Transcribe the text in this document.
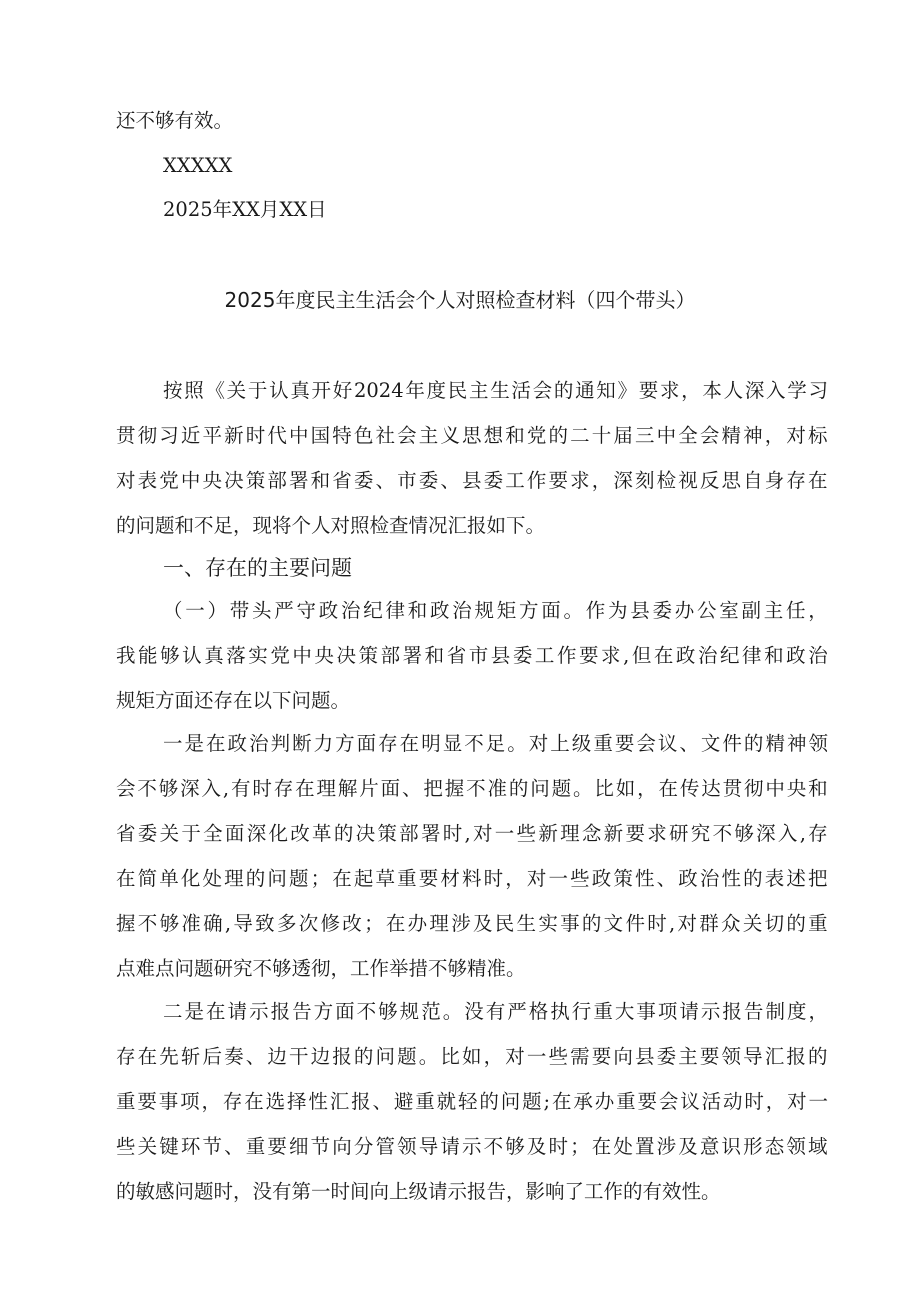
还不够有效。
XXXXX
2025年XX月XX日
2025年度民主生活会个人对照检查材料（四个带头）
按 照 《 关 于 认 真 开 好 2024 年 度 民 主 生 活 会 的 通 知 》 要 求 ， 本 人 深 入 学 习
贯 彻 习 近 平 新 时 代 中 国 特 色 社 会 主 义 思 想 和 党 的 二 十 届 三 中 全 会 精 神 ， 对 标
对 表 党 中 央 决 策 部 署 和 省 委 、 市 委 、 县 委 工 作 要 求 ， 深 刻 检 视 反 思 自 身 存 在
的问题和不足，现将个人对照检查情况汇报如下。
一、存在的主要问题
（ 一 ） 带 头 严 守 政 治 纪 律 和 政 治 规 矩 方 面 。 作 为 县 委 办 公 室 副 主 任 ，
我 能 够 认 真 落 实 党 中 央 决 策 部 署 和 省 市 县 委 工 作 要 求 , 但 在 政 治 纪 律 和 政 治
规矩方面还存在以下问题。
一 是 在 政 治 判 断 力 方 面 存 在 明 显 不 足 。 对 上 级 重 要 会 议 、 文 件 的 精 神 领
会 不 够 深 入 , 有 时 存 在 理 解 片 面 、 把 握 不 准 的 问 题 。 比 如 ， 在 传 达 贯 彻 中 央 和
省 委 关 于 全 面 深 化 改 革 的 决 策 部 署 时 , 对 一 些 新 理 念 新 要 求 研 究 不 够 深 入 , 存
在 简 单 化 处 理 的 问 题 ； 在 起 草 重 要 材 料 时 ， 对 一 些 政 策 性 、 政 治 性 的 表 述 把
握 不 够 准 确 , 导 致 多 次 修 改 ； 在 办 理 涉 及 民 生 实 事 的 文 件 时 , 对 群 众 关 切 的 重
点难点问题研究不够透彻，工作举措不够精准。
二 是 在 请 示 报 告 方 面 不 够 规 范 。 没 有 严 格 执 行 重 大 事 项 请 示 报 告 制 度 ，
存 在 先 斩 后 奏 、 边 干 边 报 的 问 题 。 比 如 ， 对 一 些 需 要 向 县 委 主 要 领 导 汇 报 的
重 要 事 项 ， 存 在 选 择 性 汇 报 、 避 重 就 轻 的 问 题 ; 在 承 办 重 要 会 议 活 动 时 ， 对 一
些 关 键 环 节 、 重 要 细 节 向 分 管 领 导 请 示 不 够 及 时 ； 在 处 置 涉 及 意 识 形 态 领 域
的敏感问题时，没有第一时间向上级请示报告，影响了工作的有效性。
